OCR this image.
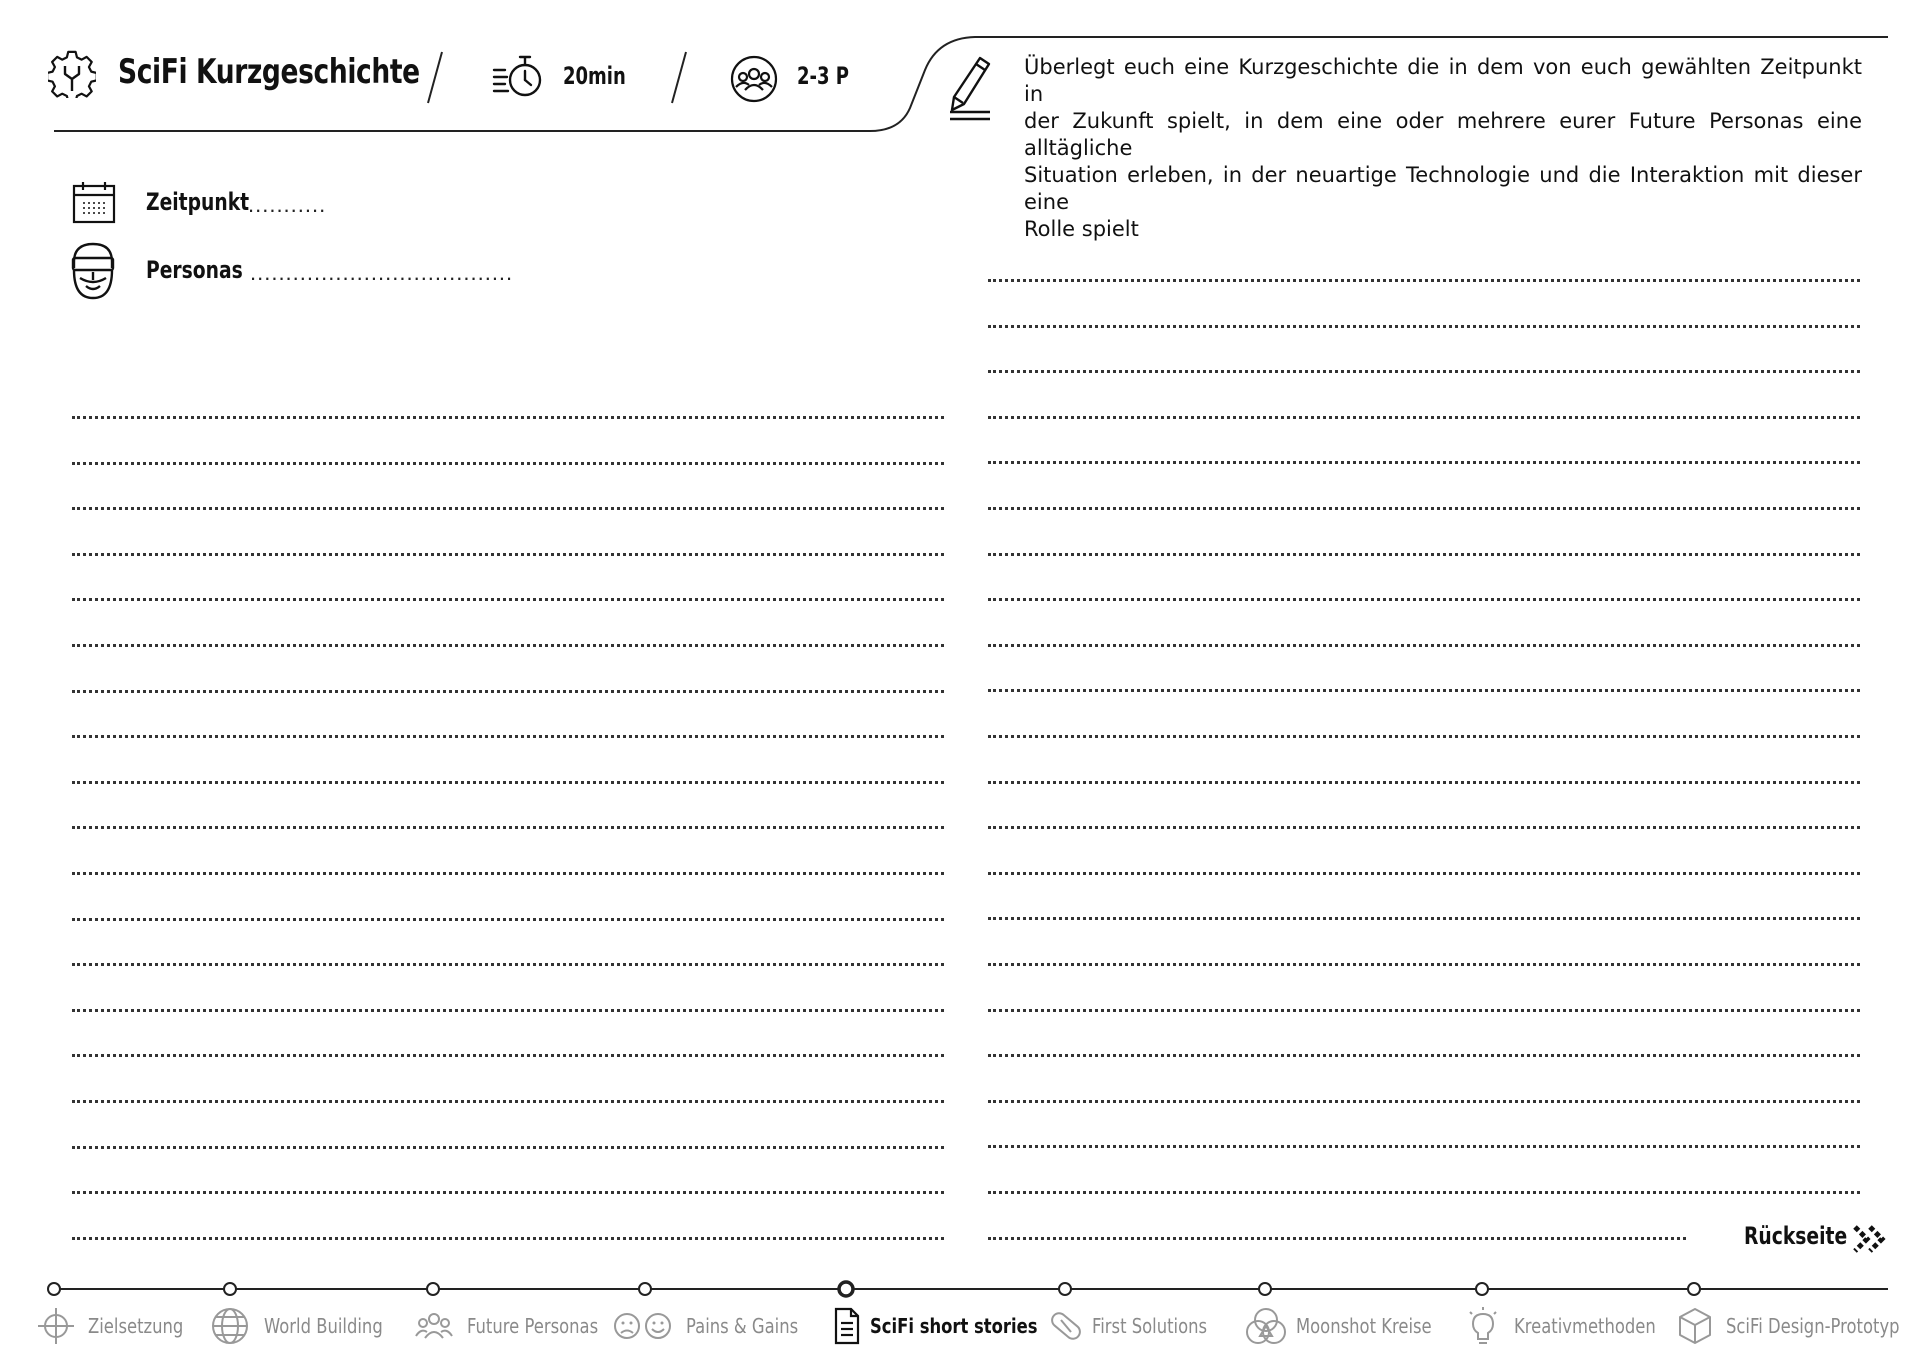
SciFi Kurzgeschichte	20min	2-3 P	Überlegt euch eine Kurzgeschichte die in dem von euch gewählten Zeitpunkt in
der Zukunft spielt, in dem eine oder mehrere eurer Future Personas eine alltägliche
Situation erleben, in der neuartige Technologie und die Interaktion mit dieser eine
Rolle spielt
Zeitpunkt
...........
Personas .....................................
Rückseite
Zielsetzung	World Building	Future Personas	Pains & Gains	SciFi short stories	First Solutions	Moonshot Kreise	Kreativmethoden	SciFi Design-Prototyp
